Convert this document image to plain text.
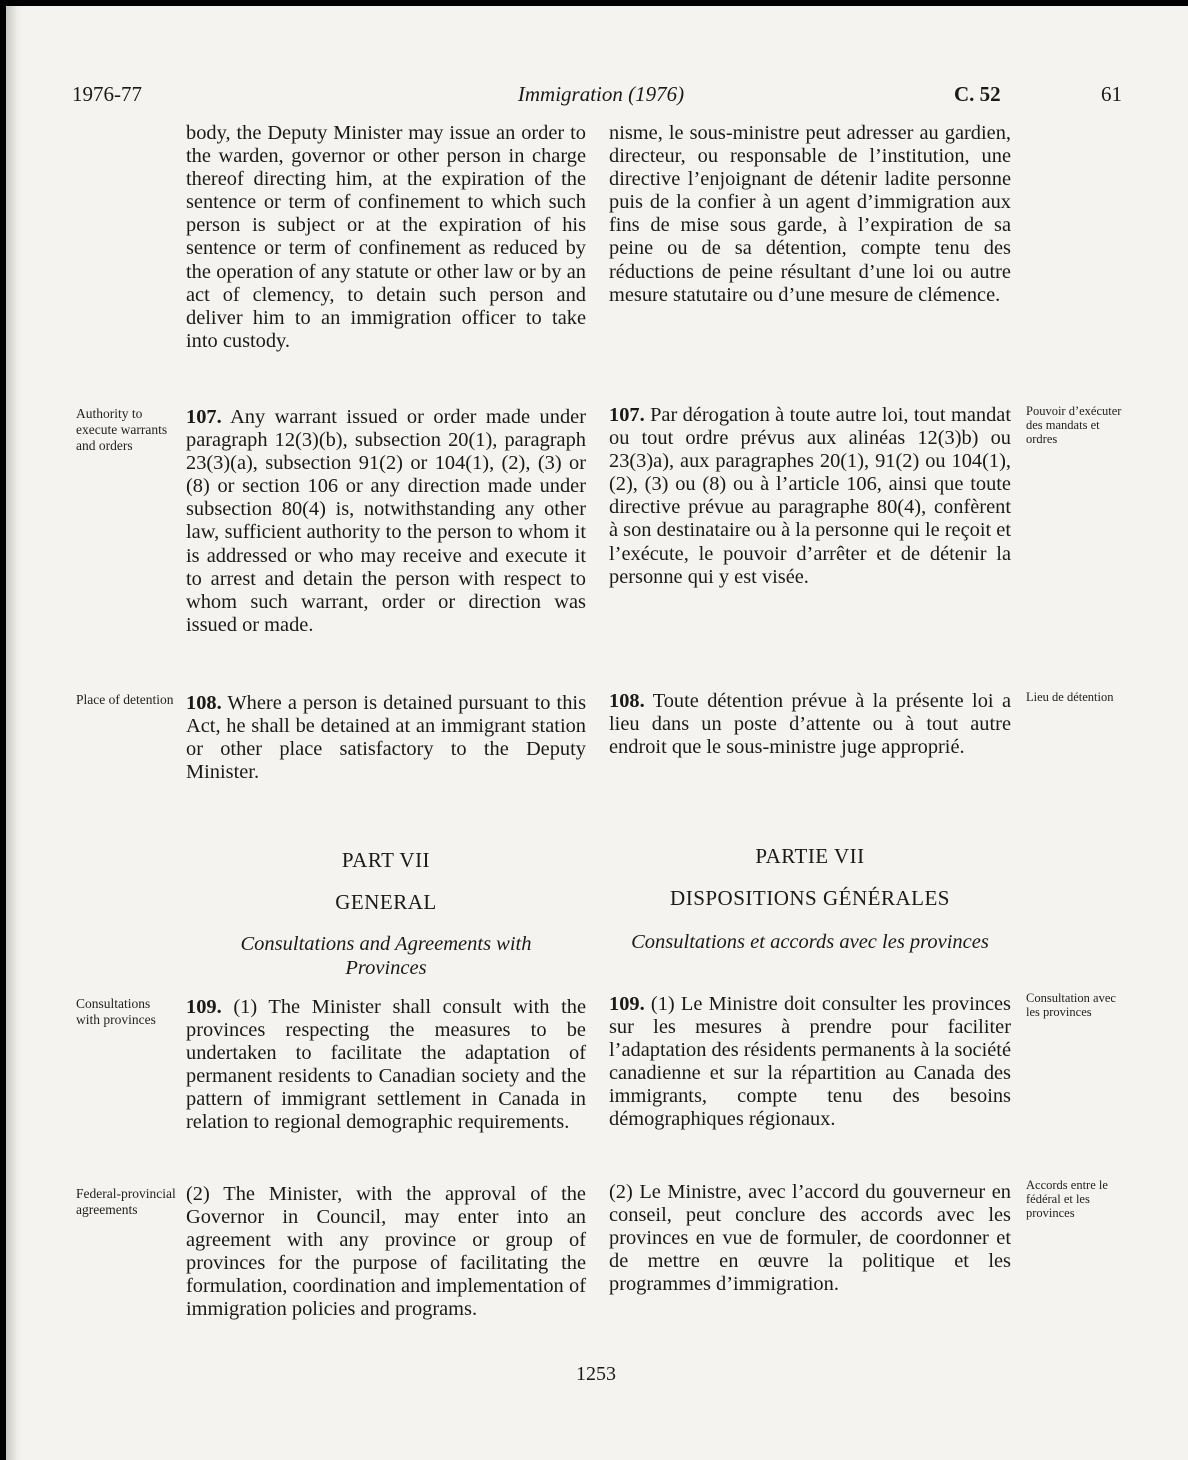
1976-77	Immigration (1976)	C. 52	61

body, the Deputy Minister may issue an order to the warden, governor or other person in charge thereof directing him, at the expiration of the sentence or term of confinement to which such person is subject or at the expiration of his sentence or term of confinement as reduced by the operation of any statute or other law or by an act of clemency, to detain such person and deliver him to an immigration officer to take into custody.

nisme, le sous-ministre peut adresser au gardien, directeur, ou responsable de l’institution, une directive l’enjoignant de détenir ladite personne puis de la confier à un agent d’immigration aux fins de mise sous garde, à l’expiration de sa peine ou de sa détention, compte tenu des réductions de peine résultant d’une loi ou autre mesure statutaire ou d’une mesure de clémence.

Authority to execute warrants and orders

107. Any warrant issued or order made under paragraph 12(3)(b), subsection 20(1), paragraph 23(3)(a), subsection 91(2) or 104(1), (2), (3) or (8) or section 106 or any direction made under subsection 80(4) is, notwithstanding any other law, sufficient authority to the person to whom it is addressed or who may receive and execute it to arrest and detain the person with respect to whom such warrant, order or direction was issued or made.

107. Par dérogation à toute autre loi, tout mandat ou tout ordre prévus aux alinéas 12(3)b) ou 23(3)a), aux paragraphes 20(1), 91(2) ou 104(1), (2), (3) ou (8) ou à l’article 106, ainsi que toute directive prévue au paragraphe 80(4), confèrent à son destinataire ou à la personne qui le reçoit et l’exécute, le pouvoir d’arrêter et de détenir la personne qui y est visée.

Pouvoir d’exécuter des mandats et ordres

Place of detention 108. Where a person is detained pursuant to this Act, he shall be detained at an immigrant station or other place satisfactory to the Deputy Minister.

108. Toute détention prévue à la présente loi a lieu dans un poste d’attente ou à tout autre endroit que le sous-ministre juge approprié.

Lieu de détention

PART VII	PARTIE VII

GENERAL	DISPOSITIONS GÉNÉRALES

Consultations and Agreements with Provinces

Consultations et accords avec les provinces

Consultations with provinces

109. (1) The Minister shall consult with the provinces respecting the measures to be undertaken to facilitate the adaptation of permanent residents to Canadian society and the pattern of immigrant settlement in Canada in relation to regional demographic requirements.

109. (1) Le Ministre doit consulter les provinces sur les mesures à prendre pour faciliter l’adaptation des résidents permanents à la société canadienne et sur la répartition au Canada des immigrants, compte tenu des besoins démographiques régionaux.

Consultation avec les provinces

Federal-provincial agreements

(2) The Minister, with the approval of the Governor in Council, may enter into an agreement with any province or group of provinces for the purpose of facilitating the formulation, coordination and implementation of immigration policies and programs.

(2) Le Ministre, avec l’accord du gouverneur en conseil, peut conclure des accords avec les provinces en vue de formuler, de coordonner et de mettre en œuvre la politique et les programmes d’immigration.

Accords entre le fédéral et les provinces

1253
